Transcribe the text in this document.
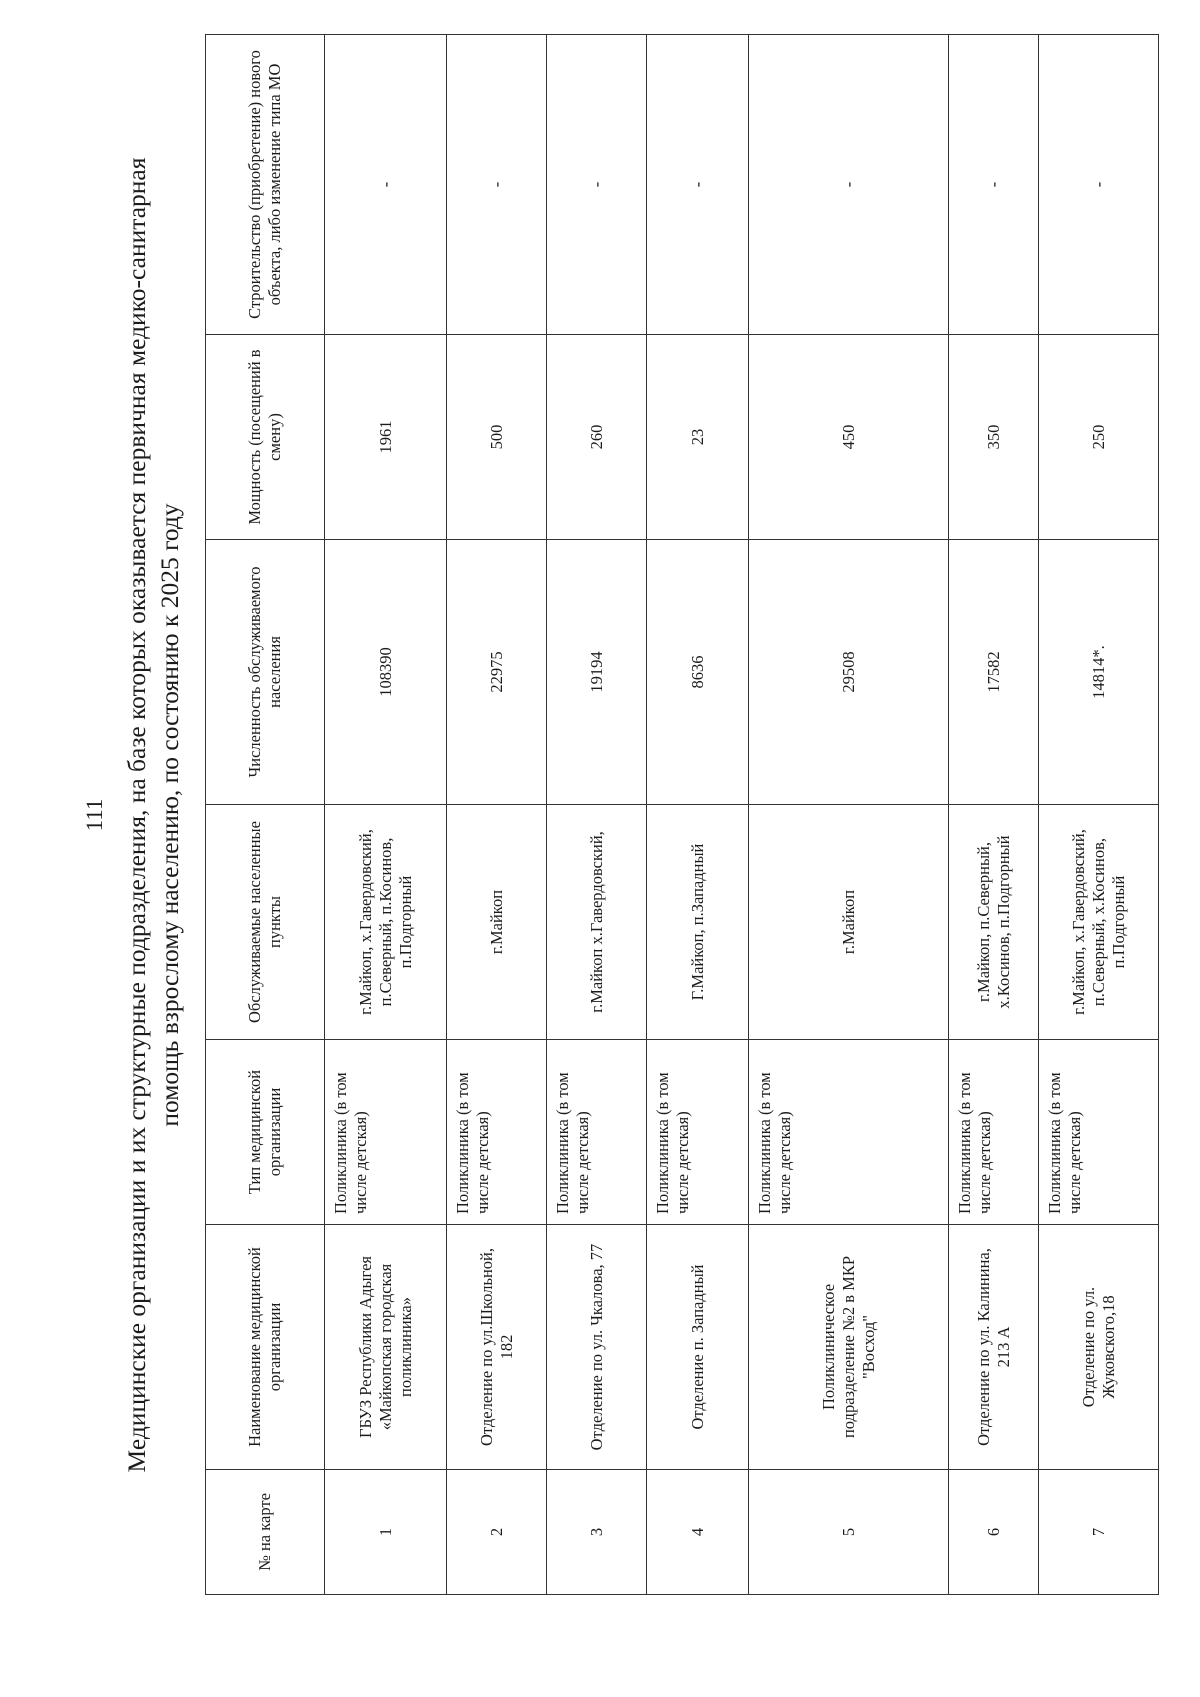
111 Медицинские организации и их структурные подразделения, на базе которых оказывается первичная медико-санитарная помощь взрослому населению, по состоянию к 2025 году
№ на карте	Наименование медицинской организации	Тип медицинской организации	Обслуживаемые населенные пункты	Численность обслуживаемого населения	Мощность (посещений в смену)	Строительство (приобретение) нового объекта, либо изменение типа МО
1	ГБУЗ Республики Адыгея «Майкопская городская поликлиника»	Поликлиника (в том числе детская)	г.Майкоп, х.Гавердовский, п.Северный, п.Косинов, п.Подгорный	108390	1961	-
2	Отделение по ул.Школьной, 182	Поликлиника (в том числе детская)	г.Майкоп	22975	500	-
3	Отделение по ул. Чкалова, 77	Поликлиника (в том числе детская)	г.Майкоп х.Гавердовский,	19194	260	-
4	Отделение п. Западный	Поликлиника (в том числе детская)	Г.Майкоп, п.Западный	8636	23	-
5	Поликлиническое подразделение №2 в МКР "Восход"	Поликлиника (в том числе детская)	г.Майкоп	29508	450	-
6	Отделение по ул. Калинина, 213 А	Поликлиника (в том числе детская)	г.Майкоп, п.Северный, х.Косинов, п.Подгорный	17582	350	-
7	Отделение по ул. Жуковского,18	Поликлиника (в том числе детская)	г.Майкоп, х.Гавердовский, п.Северный, х.Косинов, п.Подгорный	14814*.	250	-
